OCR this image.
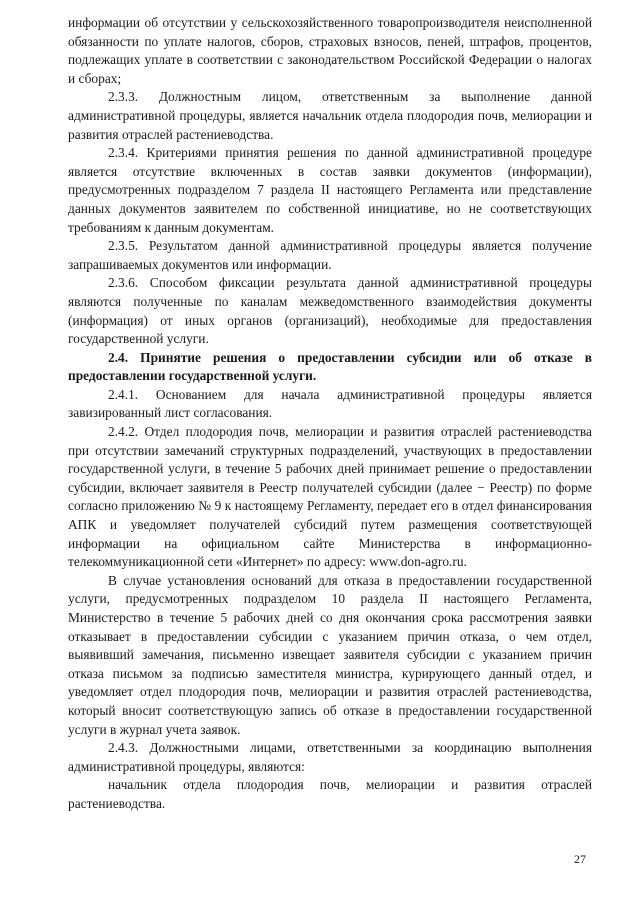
информации об отсутствии у сельскохозяйственного товаропроизводителя неисполненной обязанности по уплате налогов, сборов, страховых взносов, пеней, штрафов, процентов, подлежащих уплате в соответствии с законодательством Российской Федерации о налогах и сборах;

2.3.3. Должностным лицом, ответственным за выполнение данной административной процедуры, является начальник отдела плодородия почв, мелиорации и развития отраслей растениеводства.

2.3.4. Критериями принятия решения по данной административной процедуре является отсутствие включенных в состав заявки документов (информации), предусмотренных подразделом 7 раздела II настоящего Регламента или представление данных документов заявителем по собственной инициативе, но не соответствующих требованиям к данным документам.

2.3.5. Результатом данной административной процедуры является получение запрашиваемых документов или информации.

2.3.6. Способом фиксации результата данной административной процедуры являются полученные по каналам межведомственного взаимодействия документы (информация) от иных органов (организаций), необходимые для предоставления государственной услуги.

2.4. Принятие решения о предоставлении субсидии или об отказе в предоставлении государственной услуги.

2.4.1. Основанием для начала административной процедуры является завизированный лист согласования.

2.4.2. Отдел плодородия почв, мелиорации и развития отраслей растениеводства при отсутствии замечаний структурных подразделений, участвующих в предоставлении государственной услуги, в течение 5 рабочих дней принимает решение о предоставлении субсидии, включает заявителя в Реестр получателей субсидии (далее − Реестр) по форме согласно приложению № 9 к настоящему Регламенту, передает его в отдел финансирования АПК и уведомляет получателей субсидий путем размещения соответствующей информации на официальном сайте Министерства в информационно-телекоммуникационной сети «Интернет» по адресу: www.don-agro.ru.

В случае установления оснований для отказа в предоставлении государственной услуги, предусмотренных подразделом 10 раздела II настоящего Регламента, Министерство в течение 5 рабочих дней со дня окончания срока рассмотрения заявки отказывает в предоставлении субсидии с указанием причин отказа, о чем отдел, выявивший замечания, письменно извещает заявителя субсидии с указанием причин отказа письмом за подписью заместителя министра, курирующего данный отдел, и уведомляет отдел плодородия почв, мелиорации и развития отраслей растениеводства, который вносит соответствующую запись об отказе в предоставлении государственной услуги в журнал учета заявок.

2.4.3. Должностными лицами, ответственными за координацию выполнения административной процедуры, являются:

начальник отдела плодородия почв, мелиорации и развития отраслей растениеводства.

27
